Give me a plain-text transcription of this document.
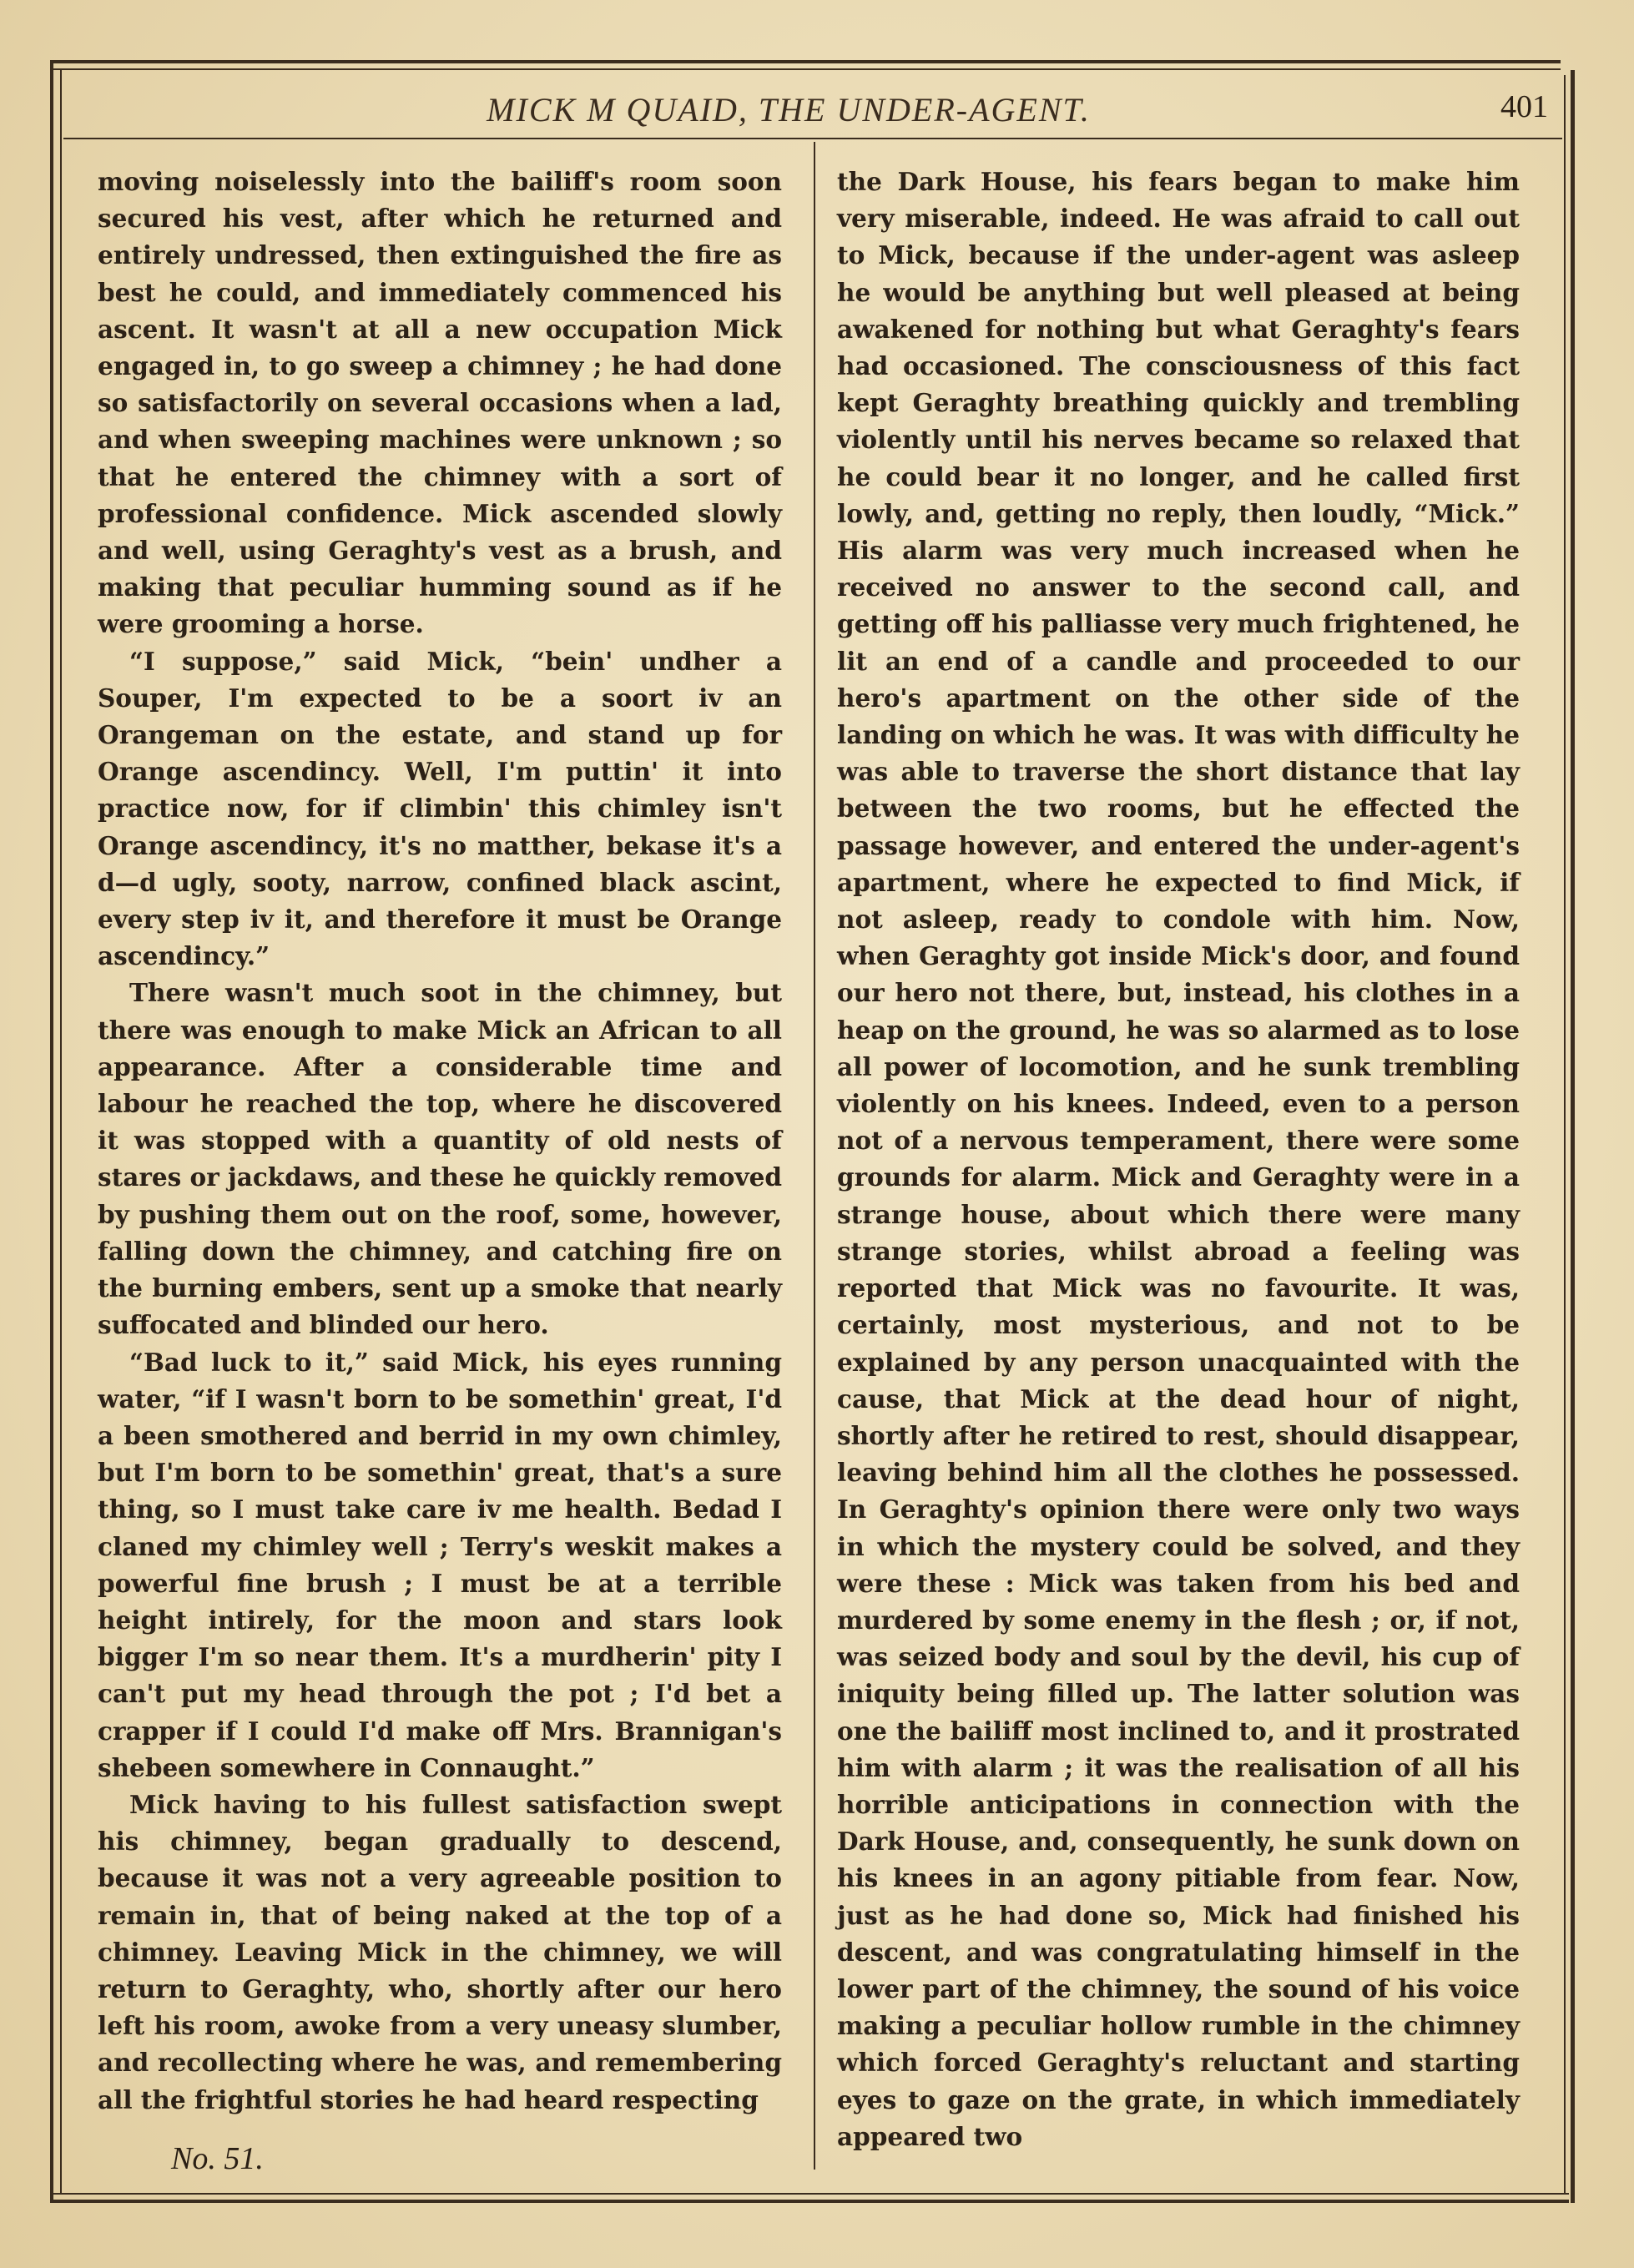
MICK M QUAID, THE UNDER-AGENT.	401

moving noiselessly into the bailiff's room soon secured his vest, after which he returned and entirely undressed, then extinguished the fire as best he could, and immediately commenced his ascent. It wasn't at all a new occupation Mick engaged in, to go sweep a chimney ; he had done so satisfactorily on several occasions when a lad, and when sweeping machines were unknown ; so that he entered the chimney with a sort of professional confidence. Mick ascended slowly and well, using Geraghty's vest as a brush, and making that peculiar humming sound as if he were grooming a horse.

“I suppose,” said Mick, “bein' undher a Souper, I'm expected to be a soort iv an Orangeman on the estate, and stand up for Orange ascendincy. Well, I'm puttin' it into practice now, for if climbin' this chimley isn't Orange ascendincy, it's no matther, bekase it's a d—d ugly, sooty, narrow, confined black ascint, every step iv it, and therefore it must be Orange ascendincy.”

There wasn't much soot in the chimney, but there was enough to make Mick an African to all appearance. After a considerable time and labour he reached the top, where he discovered it was stopped with a quantity of old nests of stares or jackdaws, and these he quickly removed by pushing them out on the roof, some, however, falling down the chimney, and catching fire on the burning embers, sent up a smoke that nearly suffocated and blinded our hero.

“Bad luck to it,” said Mick, his eyes running water, “if I wasn't born to be somethin' great, I'd a been smothered and berrid in my own chimley, but I'm born to be somethin' great, that's a sure thing, so I must take care iv me health. Bedad I claned my chimley well ; Terry's weskit makes a powerful fine brush ; I must be at a terrible height intirely, for the moon and stars look bigger I'm so near them. It's a murdherin' pity I can't put my head through the pot ; I'd bet a crapper if I could I'd make off Mrs. Brannigan's shebeen somewhere in Connaught.”

Mick having to his fullest satisfaction swept his chimney, began gradually to descend, because it was not a very agreeable position to remain in, that of being naked at the top of a chimney. Leaving Mick in the chimney, we will return to Geraghty, who, shortly after our hero left his room, awoke from a very uneasy slumber, and recollecting where he was, and remembering all the frightful stories he had heard respecting

the Dark House, his fears began to make him very miserable, indeed. He was afraid to call out to Mick, because if the under-agent was asleep he would be anything but well pleased at being awakened for nothing but what Geraghty's fears had occasioned. The consciousness of this fact kept Geraghty breathing quickly and trembling violently until his nerves became so relaxed that he could bear it no longer, and he called first lowly, and, getting no reply, then loudly, “Mick.” His alarm was very much increased when he received no answer to the second call, and getting off his palliasse very much frightened, he lit an end of a candle and proceeded to our hero's apartment on the other side of the landing on which he was. It was with difficulty he was able to traverse the short distance that lay between the two rooms, but he effected the passage however, and entered the under-agent's apartment, where he expected to find Mick, if not asleep, ready to condole with him. Now, when Geraghty got inside Mick's door, and found our hero not there, but, instead, his clothes in a heap on the ground, he was so alarmed as to lose all power of locomotion, and he sunk trembling violently on his knees. Indeed, even to a person not of a nervous temperament, there were some grounds for alarm. Mick and Geraghty were in a strange house, about which there were many strange stories, whilst abroad a feeling was reported that Mick was no favourite. It was, certainly, most mysterious, and not to be explained by any person unacquainted with the cause, that Mick at the dead hour of night, shortly after he retired to rest, should disappear, leaving behind him all the clothes he possessed. In Geraghty's opinion there were only two ways in which the mystery could be solved, and they were these : Mick was taken from his bed and murdered by some enemy in the flesh ; or, if not, was seized body and soul by the devil, his cup of iniquity being filled up. The latter solution was one the bailiff most inclined to, and it prostrated him with alarm ; it was the realisation of all his horrible anticipations in connection with the Dark House, and, consequently, he sunk down on his knees in an agony pitiable from fear. Now, just as he had done so, Mick had finished his descent, and was congratulating himself in the lower part of the chimney, the sound of his voice making a peculiar hollow rumble in the chimney which forced Geraghty's reluctant and starting eyes to gaze on the grate, in which immediately appeared two

No. 51.
